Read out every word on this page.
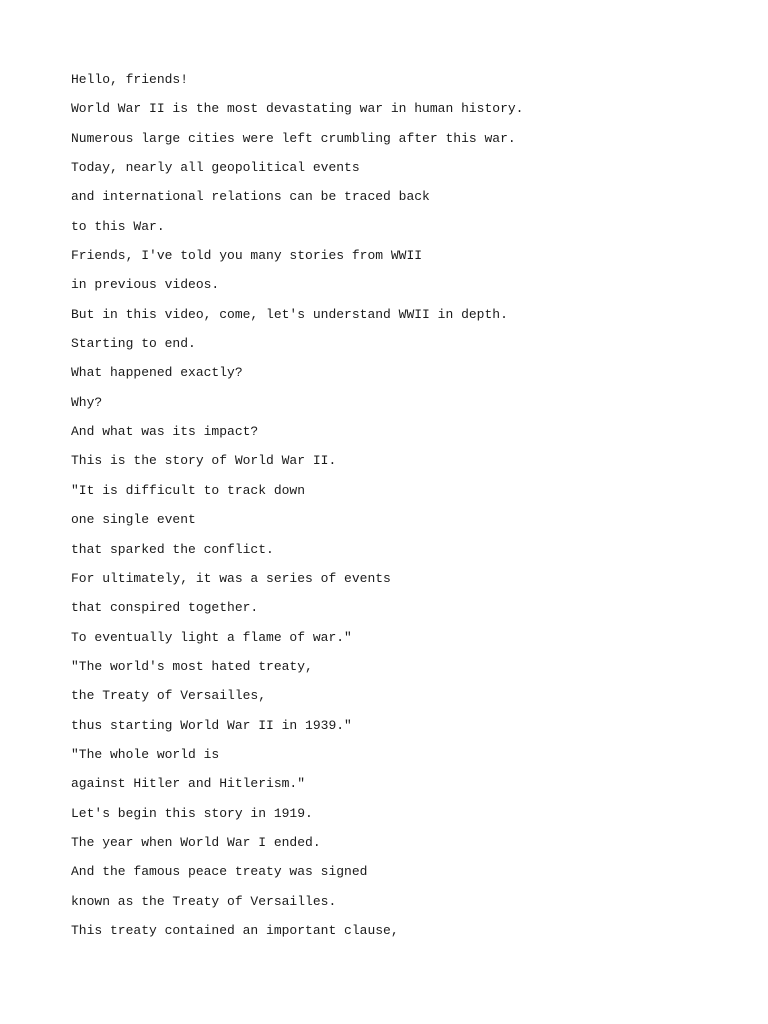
Hello, friends!
World War II is the most devastating war in human history.
Numerous large cities were left crumbling after this war.
Today, nearly all geopolitical events
and international relations can be traced back
to this War.
Friends, I've told you many stories from WWII
in previous videos.
But in this video, come, let's understand WWII in depth.
Starting to end.
What happened exactly?
Why?
And what was its impact?
This is the story of World War II.
"It is difficult to track down
one single event
that sparked the conflict.
For ultimately, it was a series of events
that conspired together.
To eventually light a flame of war."
"The world's most hated treaty,
the Treaty of Versailles,
thus starting World War II in 1939."
"The whole world is
against Hitler and Hitlerism."
Let's begin this story in 1919.
The year when World War I ended.
And the famous peace treaty was signed
known as the Treaty of Versailles.
This treaty contained an important clause,
